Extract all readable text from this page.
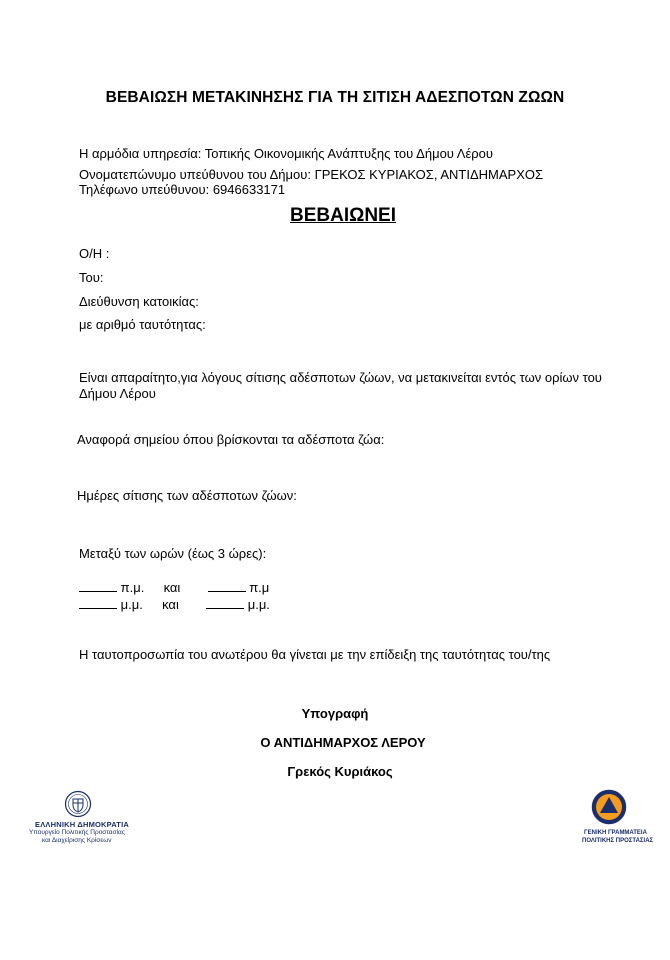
ΒΕΒΑΙΩΣΗ ΜΕΤΑΚΙΝΗΣΗΣ ΓΙΑ ΤΗ ΣΙΤΙΣΗ ΑΔΕΣΠΟΤΩΝ ΖΩΩΝ
Η αρμόδια υπηρεσία: Τοπικής Οικονομικής Ανάπτυξης του Δήμου Λέρου
Ονοματεπώνυμο υπεύθυνου του Δήμου: ΓΡΕΚΟΣ ΚΥΡΙΑΚΟΣ, ΑΝΤΙΔΗΜΑΡΧΟΣ
Τηλέφωνο υπεύθυνου: 6946633171
ΒΕΒΑΙΩΝΕΙ
Ο/Η :
Του:
Διεύθυνση κατοικίας:
με αριθμό ταυτότητας:
Είναι απαραίτητο,για λόγους σίτισης αδέσποτων ζώων, να μετακινείται εντός των ορίων του
Δήμου Λέρου
Αναφορά σημείου όπου βρίσκονται τα αδέσποτα ζώα:
Ημέρες σίτισης των αδέσποτων ζώων:
Μεταξύ των ωρών (έως 3 ώρες):
π.μ. και	π.μ
μ.μ. και	μ.μ.
Η ταυτοπροσωπία του ανωτέρου θα γίνεται με την επίδειξη της ταυτότητας του/της
Υπογραφή
Ο ΑΝΤΙΔΗΜΑΡΧΟΣ ΛΕΡΟΥ
Γρεκός Κυριάκος
ΕΛΛΗΝΙΚΗ ΔΗΜΟΚΡΑΤΙΑ
Υπουργείο Πολιτικής Προστασίας
και Διαχείρισης Κρίσεων
ΓΕΝΙΚΗ ΓΡΑΜΜΑΤΕΙΑ
ΠΟΛΙΤΙΚΗΣ ΠΡΟΣΤΑΣΙΑΣ
